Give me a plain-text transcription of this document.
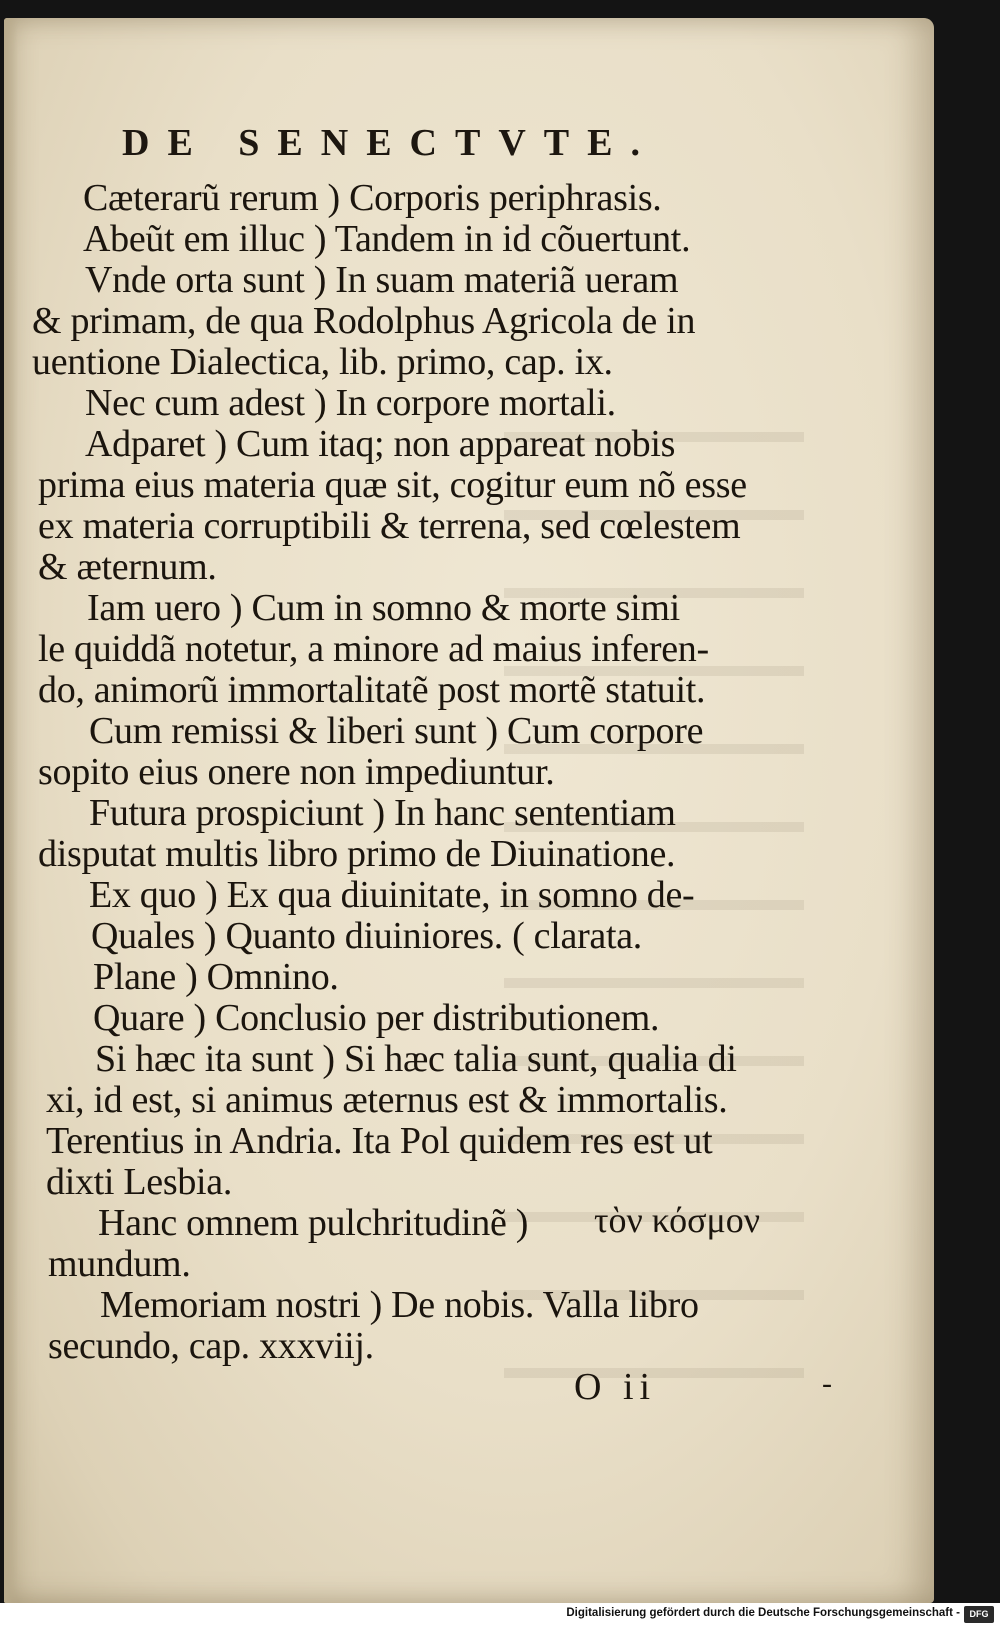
DE SENECTVTE.
Cæterarũ rerum ) Corporis periphrasis.
Abeũt em illuc ) Tandem in id cõuertunt.
Vnde orta sunt ) In suam materiã ueram
& primam, de qua Rodolphus Agricola de in
uentione Dialectica, lib. primo, cap. ix.
Nec cum adest ) In corpore mortali.
Adparet ) Cum itaq; non appareat nobis
prima eius materia quæ sit, cogitur eum nõ esse
ex materia corruptibili & terrena, sed cœlestem
& æternum.
Iam uero ) Cum in somno & morte simi
le quiddã notetur, a minore ad maius inferen-
do, animorũ immortalitatẽ post mortẽ statuit.
Cum remissi & liberi sunt ) Cum corpore
sopito eius onere non impediuntur.
Futura prospiciunt ) In hanc sententiam
disputat multis libro primo de Diuinatione.
Ex quo ) Ex qua diuinitate, in somno de-
Quales ) Quanto diuiniores. ( clarata.
Plane ) Omnino.
Quare ) Conclusio per distributionem.
Si hæc ita sunt ) Si hæc talia sunt, qualia di
xi, id est, si animus æternus est & immortalis.
Terentius in Andria. Ita Pol quidem res est ut
dixti Lesbia.
Hanc omnem pulchritudinẽ ) τὸν κόσμον
mundum.
Memoriam nostri ) De nobis. Valla libro
secundo, cap. xxxviij.
O ii	-
Digitalisierung gefördert durch die Deutsche Forschungsgemeinschaft -	DFG
